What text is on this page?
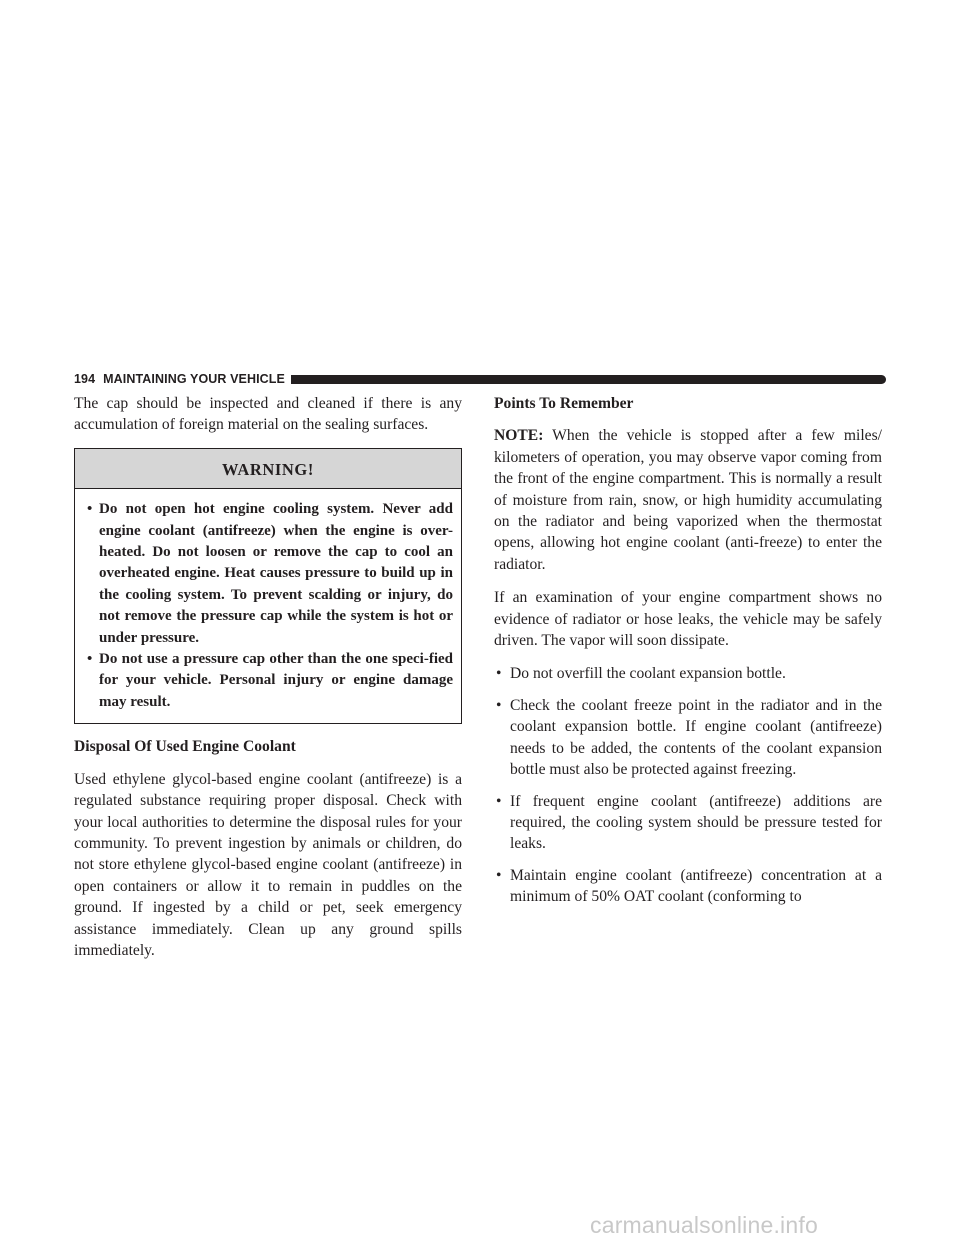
194 MAINTAINING YOUR VEHICLE

The cap should be inspected and cleaned if there is any accumulation of foreign material on the sealing surfaces.

WARNING!
• Do not open hot engine cooling system. Never add engine coolant (antifreeze) when the engine is over-heated. Do not loosen or remove the cap to cool an overheated engine. Heat causes pressure to build up in the cooling system. To prevent scalding or injury, do not remove the pressure cap while the system is hot or under pressure.
• Do not use a pressure cap other than the one speci-fied for your vehicle. Personal injury or engine damage may result.
Disposal Of Used Engine Coolant

Used ethylene glycol-based engine coolant (antifreeze) is a regulated substance requiring proper disposal. Check with your local authorities to determine the disposal rules for your community. To prevent ingestion by animals or children, do not store ethylene glycol-based engine coolant (antifreeze) in open containers or allow it to remain in puddles on the ground. If ingested by a child or pet, seek emergency assistance immediately. Clean up any ground spills immediately.

Points To Remember

NOTE: When the vehicle is stopped after a few miles/ kilometers of operation, you may observe vapor coming from the front of the engine compartment. This is normally a result of moisture from rain, snow, or high humidity accumulating on the radiator and being vaporized when the thermostat opens, allowing hot engine coolant (anti-freeze) to enter the radiator.

If an examination of your engine compartment shows no evidence of radiator or hose leaks, the vehicle may be safely driven. The vapor will soon dissipate.

• Do not overfill the coolant expansion bottle.
• Check the coolant freeze point in the radiator and in the coolant expansion bottle. If engine coolant (antifreeze) needs to be added, the contents of the coolant expansion bottle must also be protected against freezing.
• If frequent engine coolant (antifreeze) additions are required, the cooling system should be pressure tested for leaks.
• Maintain engine coolant (antifreeze) concentration at a minimum of 50% OAT coolant (conforming to
carmanualsonline.info
